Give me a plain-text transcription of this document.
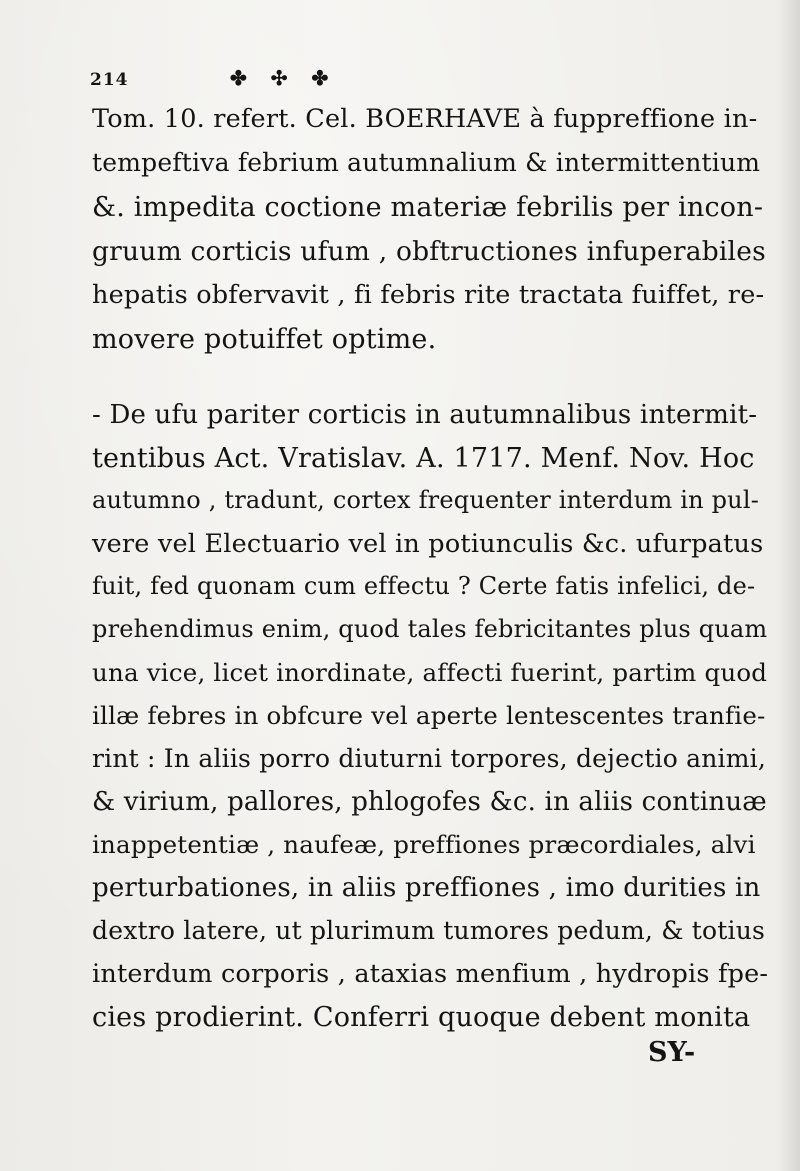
214	✤ ✣ ✤
Tom. 10. refert. Cel. BOERHAVE à fuppreffione in-
tempeftiva febrium autumnalium & intermittentium
&. impedita coctione materiæ febrilis per incon-
gruum corticis ufum , obftructiones infuperabiles
hepatis obfervavit , fi febris rite tractata fuiffet, re-
movere potuiffet optime.
- De ufu pariter corticis in autumnalibus intermit-
tentibus Act. Vratislav. A. 1717. Menf. Nov. Hoc
autumno , tradunt, cortex frequenter interdum in pul-
vere vel Electuario vel in potiunculis &c. ufurpatus
fuit, fed quonam cum effectu ? Certe fatis infelici, de-
prehendimus enim, quod tales febricitantes plus quam
una vice, licet inordinate, affecti fuerint, partim quod
illæ febres in obfcure vel aperte lentescentes tranfie-
rint : In aliis porro diuturni torpores, dejectio animi,
& virium, pallores, phlogofes &c. in aliis continuæ
inappetentiæ , naufeæ, preffiones præcordiales, alvi
perturbationes, in aliis preffiones , imo durities in
dextro latere, ut plurimum tumores pedum, & totius
interdum corporis , ataxias menfium , hydropis fpe-
cies prodierint. Conferri quoque debent monita
SY-
